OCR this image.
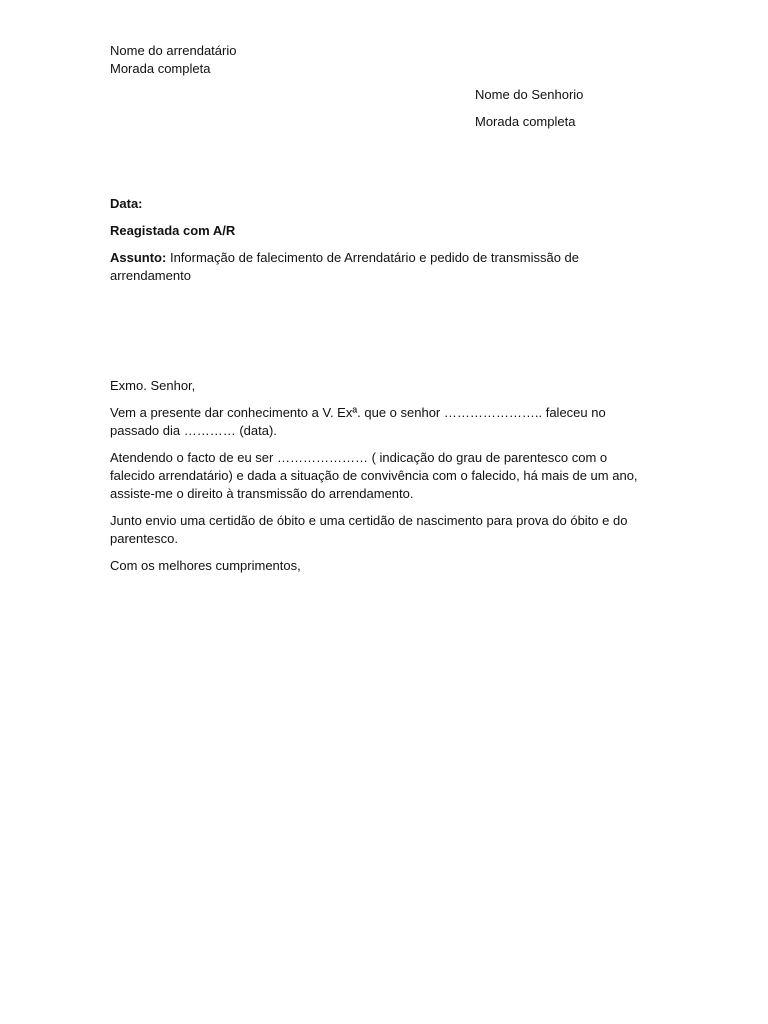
Nome do arrendatário
Morada completa
Nome do Senhorio
Morada completa
Data:
Reagistada com A/R
Assunto: Informação de falecimento de Arrendatário e pedido de transmissão de arrendamento
Exmo. Senhor,

Vem a presente dar conhecimento a V. Exª. que o senhor ………………….. faleceu no passado dia ………… (data).

Atendendo o facto de eu ser ………………… ( indicação do grau de parentesco com o falecido arrendatário) e dada a situação de convivência com o falecido, há mais de um ano, assiste-me o direito à transmissão do arrendamento.

Junto envio uma certidão de óbito e uma certidão de nascimento para prova do óbito e do parentesco.

Com os melhores cumprimentos,
